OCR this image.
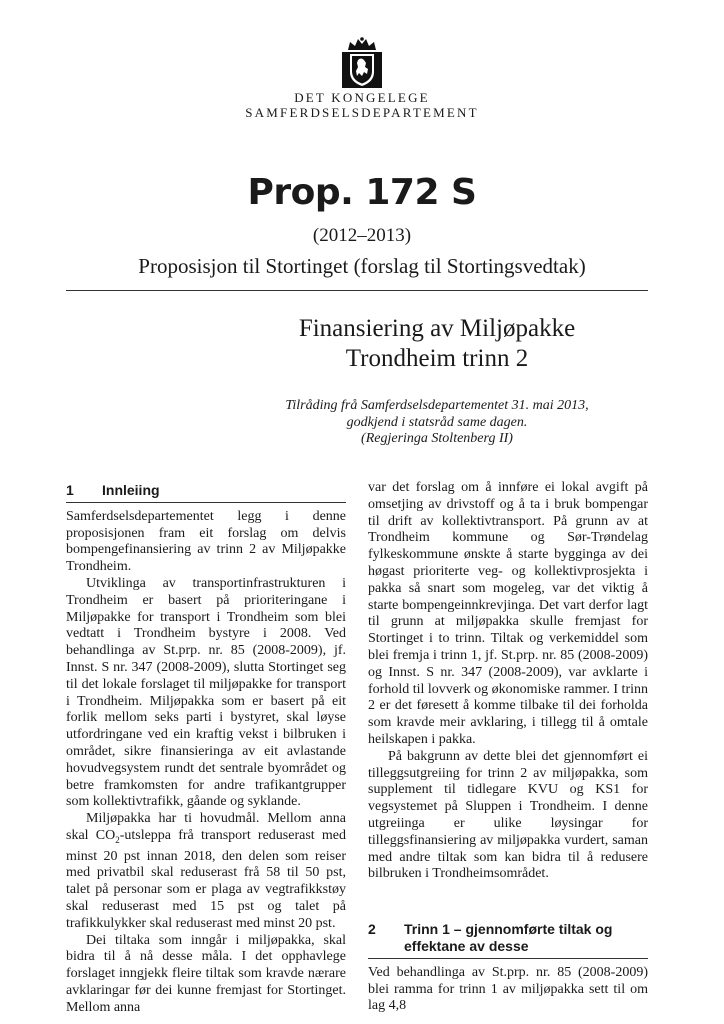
DET KONGELEGE
SAMFERDSELSDEPARTEMENT
Prop. 172 S
(2012–2013)
Proposisjon til Stortinget (forslag til Stortingsvedtak)
Finansiering av Miljøpakke
Trondheim trinn 2
Tilråding frå Samferdselsdepartementet 31. mai 2013,
godkjend i statsråd same dagen.
(Regjeringa Stoltenberg II)
1	Innleiing

Samferdselsdepartementet legg i denne proposisjonen fram eit forslag om delvis bompengefinansiering av trinn 2 av Miljøpakke Trondheim.

Utviklinga av transportinfrastrukturen i Trondheim er basert på prioriteringane i Miljøpakke for transport i Trondheim som blei vedtatt i Trondheim bystyre i 2008. Ved behandlinga av St.prp. nr. 85 (2008-2009), jf. Innst. S nr. 347 (2008-2009), slutta Stortinget seg til det lokale forslaget til miljøpakke for transport i Trondheim. Miljøpakka som er basert på eit forlik mellom seks parti i bystyret, skal løyse utfordringane ved ein kraftig vekst i bilbruken i området, sikre finansieringa av eit avlastande hovudvegsystem rundt det sentrale byområdet og betre framkomsten for andre trafikantgrupper som kollektivtrafikk, gåande og syklande.

Miljøpakka har ti hovudmål. Mellom anna skal $CO_2$-utsleppa frå transport reduserast med minst 20 pst innan 2018, den delen som reiser med privatbil skal reduserast frå 58 til 50 pst, talet på personar som er plaga av vegtrafikkstøy skal reduserast med 15 pst og talet på trafikkulykker skal reduserast med minst 20 pst.

Dei tiltaka som inngår i miljøpakka, skal bidra til å nå desse måla. I det opphavlege forslaget inngjekk fleire tiltak som kravde nærare avklaringar før dei kunne fremjast for Stortinget. Mellom anna

var det forslag om å innføre ei lokal avgift på omsetjing av drivstoff og å ta i bruk bompengar til drift av kollektivtransport. På grunn av at Trondheim kommune og Sør-Trøndelag fylkeskommune ønskte å starte bygginga av dei høgast prioriterte veg- og kollektivprosjekta i pakka så snart som mogeleg, var det viktig å starte bompengeinnkrevjinga. Det vart derfor lagt til grunn at miljøpakka skulle fremjast for Stortinget i to trinn. Tiltak og verkemiddel som blei fremja i trinn 1, jf. St.prp. nr. 85 (2008-2009) og Innst. S nr. 347 (2008-2009), var avklarte i forhold til lovverk og økonomiske rammer. I trinn 2 er det føresett å komme tilbake til dei forholda som kravde meir avklaring, i tillegg til å omtale heilskapen i pakka.

På bakgrunn av dette blei det gjennomført ei tilleggsutgreiing for trinn 2 av miljøpakka, som supplement til tidlegare KVU og KS1 for vegsystemet på Sluppen i Trondheim. I denne utgreiinga er ulike løysingar for tilleggsfinansiering av miljøpakka vurdert, saman med andre tiltak som kan bidra til å redusere bilbruken i Trondheimsområdet.

2	Trinn 1 – gjennomførte tiltak og effektane av desse

Ved behandlinga av St.prp. nr. 85 (2008-2009) blei ramma for trinn 1 av miljøpakka sett til om lag 4,8
